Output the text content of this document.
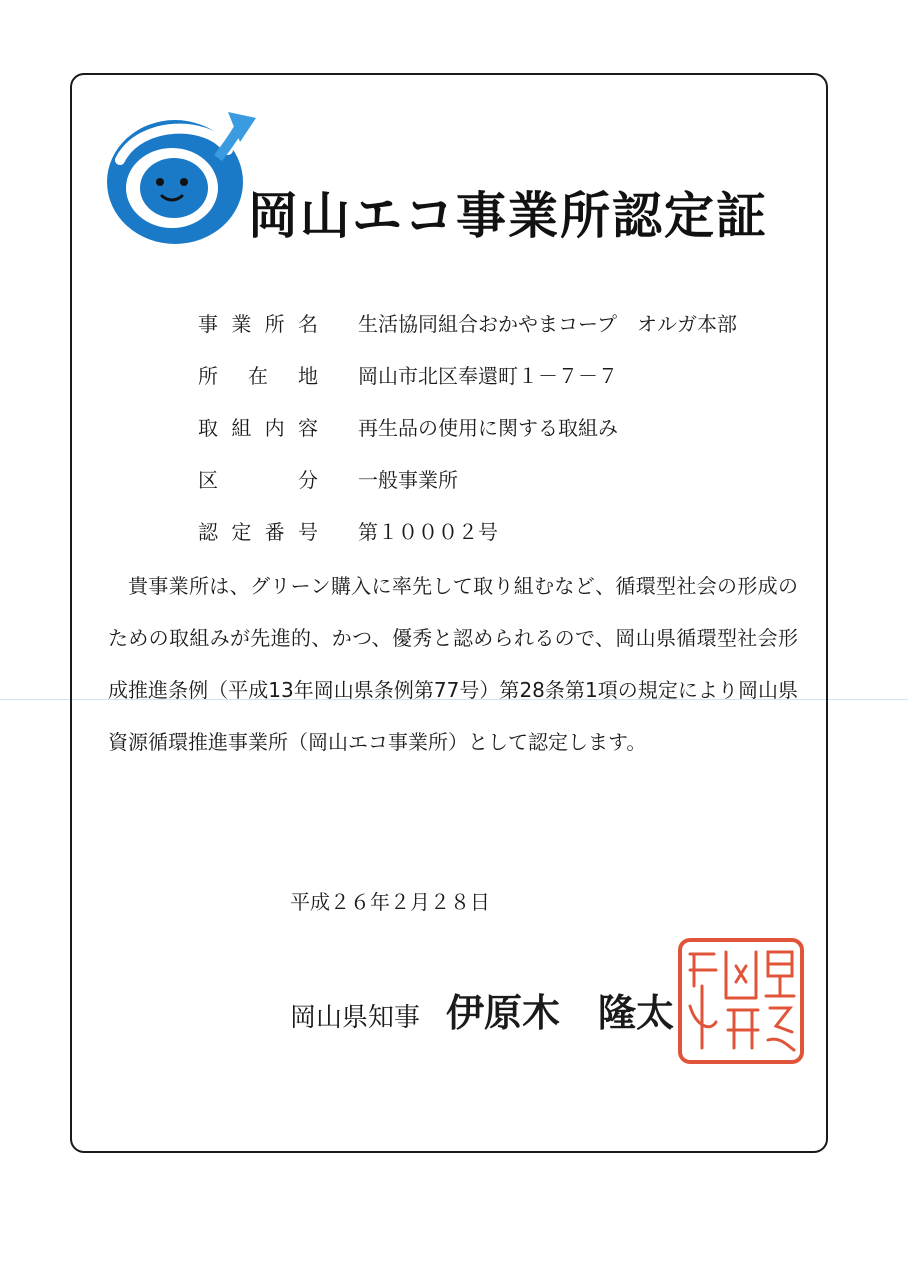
岡山エコ事業所認定証
事 業 所 名 生活協同組合おかやまコープ　オルガ本部
所 在 地 岡山市北区奉還町１－７－７
取 組 内 容 再生品の使用に関する取組み
区	分 一般事業所
認 定 番 号 第１０００２号

貴事業所は、グリーン購入に率先して取り組むなど、循環型社会の形成のための取組みが先進的、かつ、優秀と認められるので、岡山県循環型社会形成推進条例（平成13年岡山県条例第77号）第28条第1項の規定により岡山県資源循環推進事業所（岡山エコ事業所）として認定します。

平成２６年２月２８日
岡山県知事 伊原木　隆太
